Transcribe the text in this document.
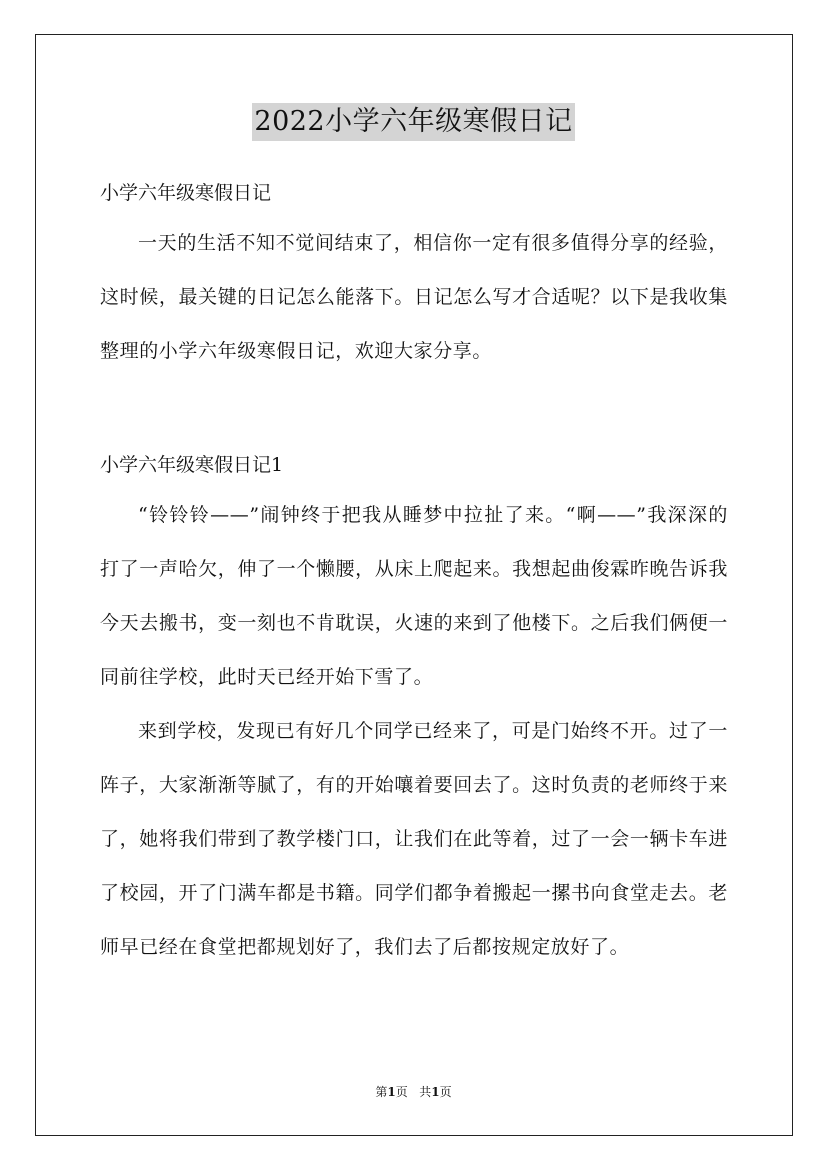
2022小学六年级寒假日记

小学六年级寒假日记

一天的生活不知不觉间结束了，相信你一定有很多值得分享的经验，这时候，最关键的日记怎么能落下。日记怎么写才合适呢？以下是我收集整理的小学六年级寒假日记，欢迎大家分享。

小学六年级寒假日记1

“铃铃铃——”闹钟终于把我从睡梦中拉扯了来。“啊——”我深深的打了一声哈欠，伸了一个懒腰，从床上爬起来。我想起曲俊霖昨晚告诉我今天去搬书，变一刻也不肯耽误，火速的来到了他楼下。之后我们俩便一同前往学校，此时天已经开始下雪了。

来到学校，发现已有好几个同学已经来了，可是门始终不开。过了一阵子，大家渐渐等腻了，有的开始嚷着要回去了。这时负责的老师终于来了，她将我们带到了教学楼门口，让我们在此等着，过了一会一辆卡车进了校园，开了门满车都是书籍。同学们都争着搬起一摞书向食堂走去。老师早已经在食堂把都规划好了，我们去了后都按规定放好了。

第1页 共1页
